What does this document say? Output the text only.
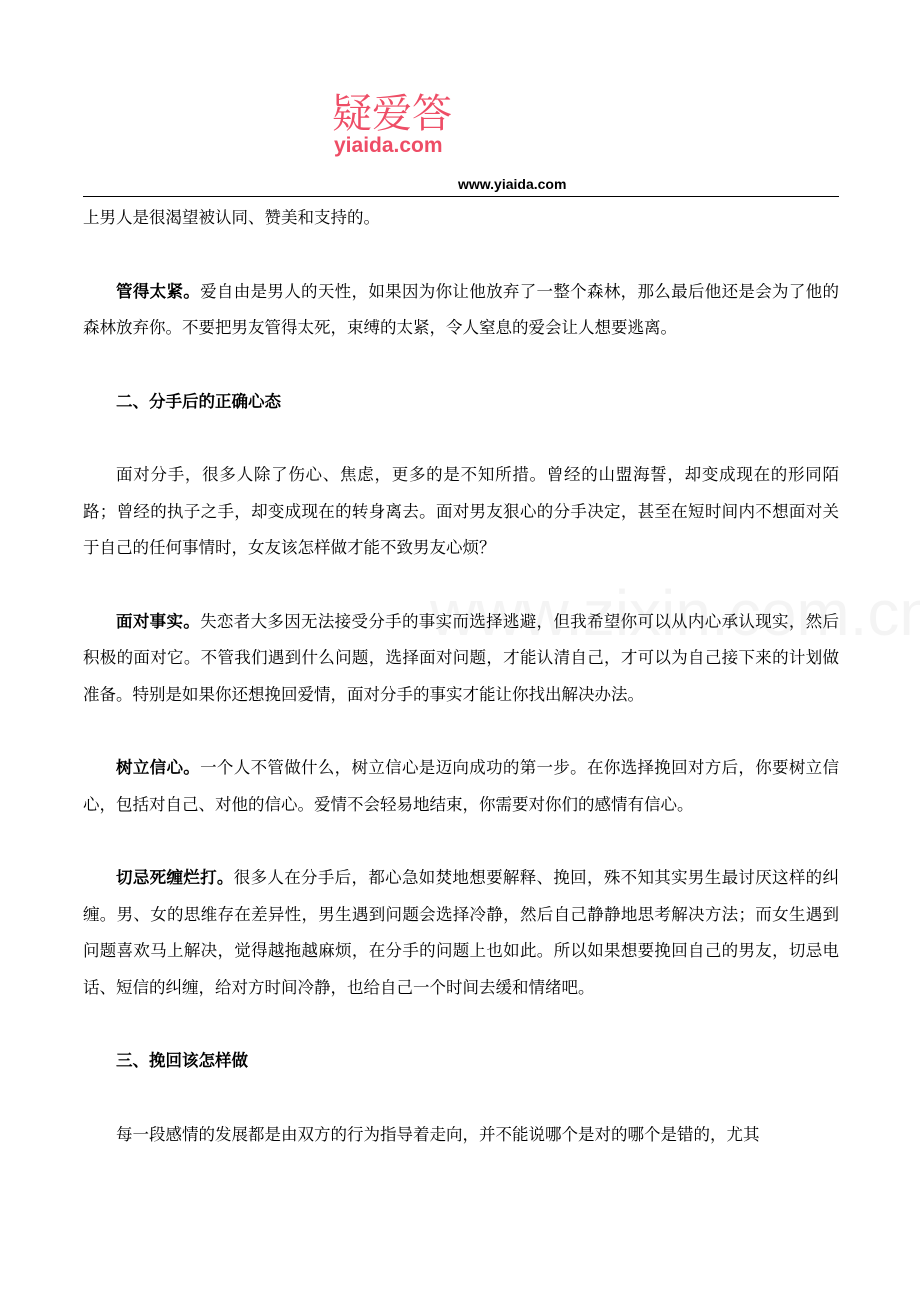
疑爱答
yiaida.com
www.yiaida.com

上男人是很渴望被认同、赞美和支持的。

管得太紧。爱自由是男人的天性，如果因为你让他放弃了一整个森林，那么最后他还是会为了他的森林放弃你。不要把男友管得太死，束缚的太紧，令人窒息的爱会让人想要逃离。

二、分手后的正确心态

面对分手，很多人除了伤心、焦虑，更多的是不知所措。曾经的山盟海誓，却变成现在的形同陌路；曾经的执子之手，却变成现在的转身离去。面对男友狠心的分手决定，甚至在短时间内不想面对关于自己的任何事情时，女友该怎样做才能不致男友心烦？

面对事实。失恋者大多因无法接受分手的事实而选择逃避，但我希望你可以从内心承认现实，然后积极的面对它。不管我们遇到什么问题，选择面对问题，才能认清自己，才可以为自己接下来的计划做准备。特别是如果你还想挽回爱情，面对分手的事实才能让你找出解决办法。

树立信心。一个人不管做什么，树立信心是迈向成功的第一步。在你选择挽回对方后，你要树立信心，包括对自己、对他的信心。爱情不会轻易地结束，你需要对你们的感情有信心。

切忌死缠烂打。很多人在分手后，都心急如焚地想要解释、挽回，殊不知其实男生最讨厌这样的纠缠。男、女的思维存在差异性，男生遇到问题会选择冷静，然后自己静静地思考解决方法；而女生遇到问题喜欢马上解决，觉得越拖越麻烦，在分手的问题上也如此。所以如果想要挽回自己的男友，切忌电话、短信的纠缠，给对方时间冷静，也给自己一个时间去缓和情绪吧。

三、挽回该怎样做

每一段感情的发展都是由双方的行为指导着走向，并不能说哪个是对的哪个是错的，尤其
